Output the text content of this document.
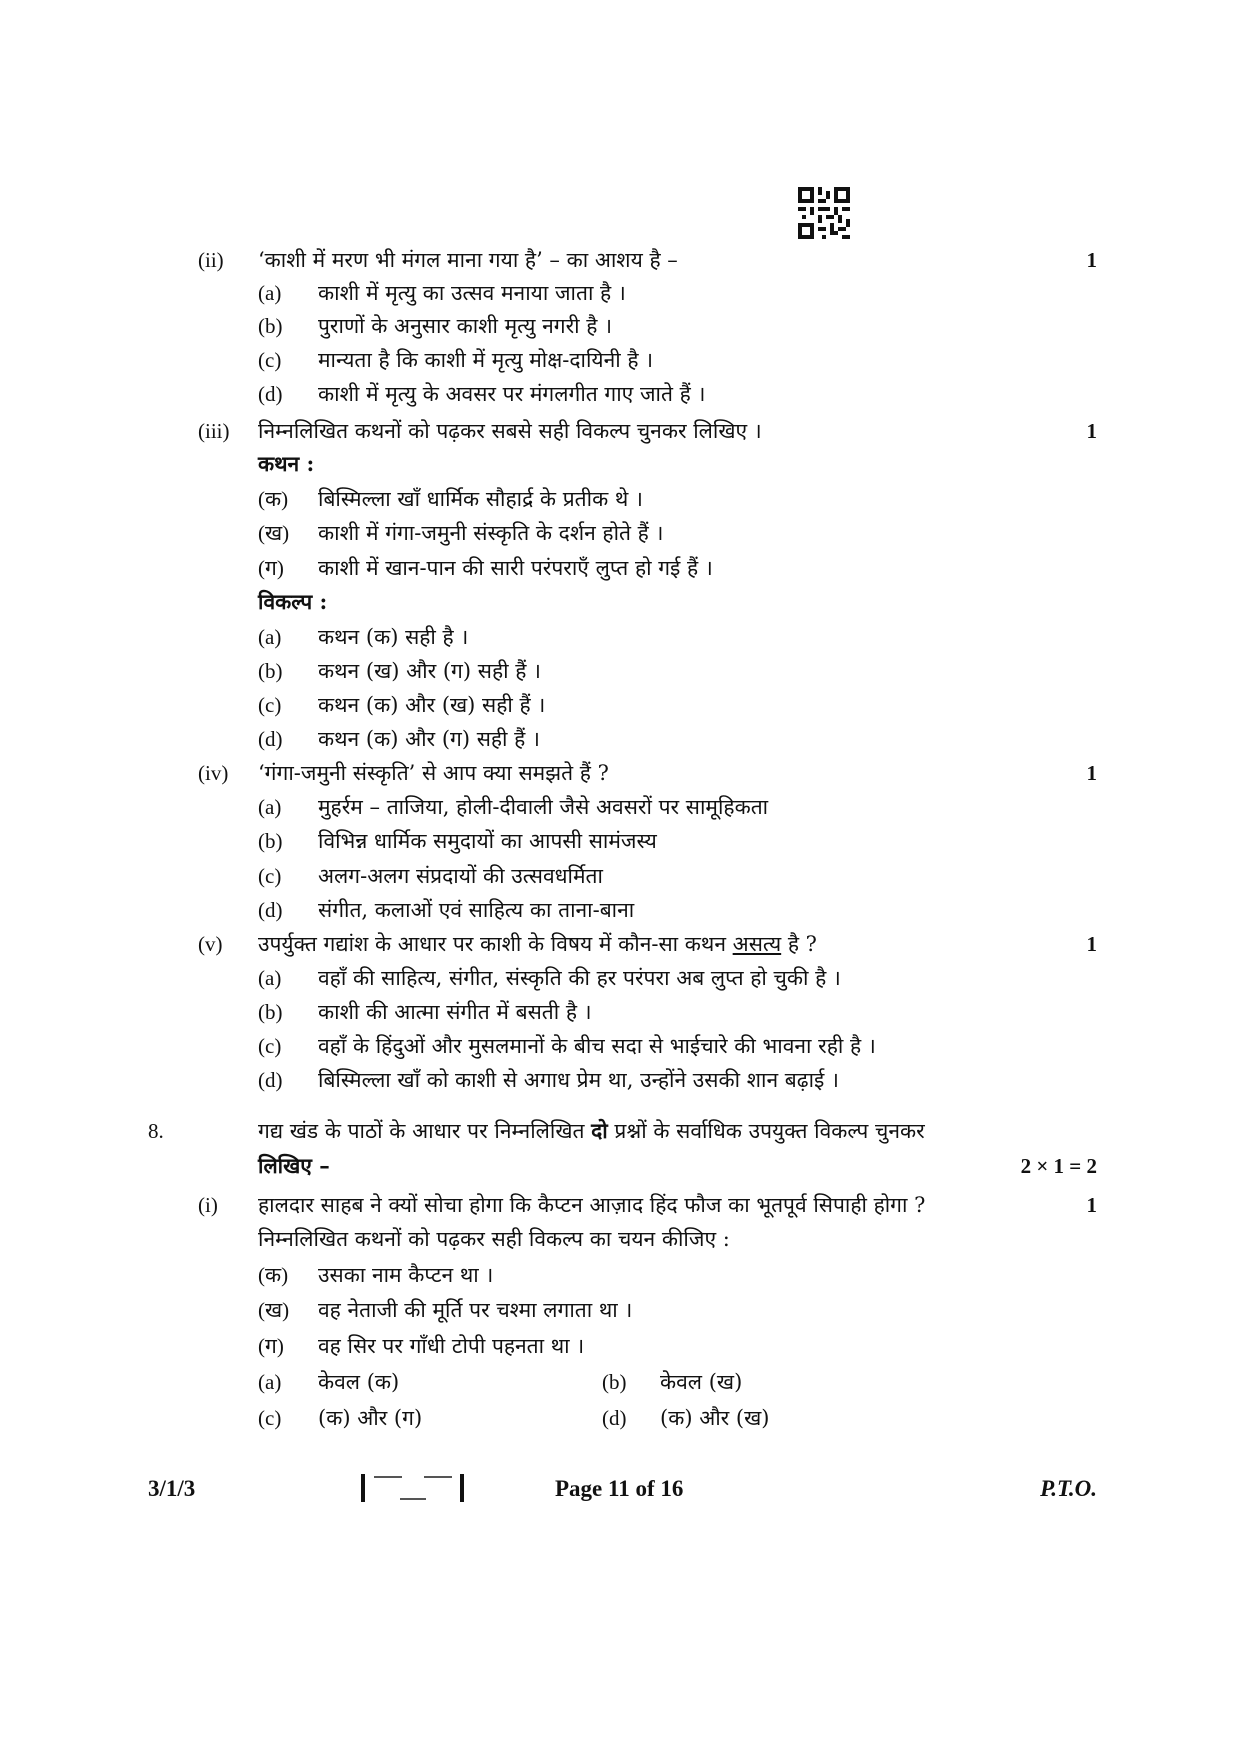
(ii) ‘काशी में मरण भी मंगल माना गया है’ – का आशय है –	1
(a) काशी में मृत्यु का उत्सव मनाया जाता है ।
(b) पुराणों के अनुसार काशी मृत्यु नगरी है ।
(c) मान्यता है कि काशी में मृत्यु मोक्ष-दायिनी है ।
(d) काशी में मृत्यु के अवसर पर मंगलगीत गाए जाते हैं ।
(iii) निम्नलिखित कथनों को पढ़कर सबसे सही विकल्प चुनकर लिखिए ।	1
कथन :
(क) बिस्मिल्ला खाँ धार्मिक सौहार्द्र के प्रतीक थे ।
(ख) काशी में गंगा-जमुनी संस्कृति के दर्शन होते हैं ।
(ग) काशी में खान-पान की सारी परंपराएँ लुप्त हो गई हैं ।
विकल्प :
(a) कथन (क) सही है ।
(b) कथन (ख) और (ग) सही हैं ।
(c) कथन (क) और (ख) सही हैं ।
(d) कथन (क) और (ग) सही हैं ।
(iv) ‘गंगा-जमुनी संस्कृति’ से आप क्या समझते हैं ?	1
(a) मुहर्रम – ताजिया, होली-दीवाली जैसे अवसरों पर सामूहिकता
(b) विभिन्न धार्मिक समुदायों का आपसी सामंजस्य
(c) अलग-अलग संप्रदायों की उत्सवधर्मिता
(d) संगीत, कलाओं एवं साहित्य का ताना-बाना
(v) उपर्युक्त गद्यांश के आधार पर काशी के विषय में कौन-सा कथन असत्य है ?	1
(a) वहाँ की साहित्य, संगीत, संस्कृति की हर परंपरा अब लुप्त हो चुकी है ।
(b) काशी की आत्मा संगीत में बसती है ।
(c) वहाँ के हिंदुओं और मुसलमानों के बीच सदा से भाईचारे की भावना रही है ।
(d) बिस्मिल्ला खाँ को काशी से अगाध प्रेम था, उन्होंने उसकी शान बढ़ाई ।
8.	गद्य खंड के पाठों के आधार पर निम्नलिखित दो प्रश्नों के सर्वाधिक उपयुक्त विकल्प चुनकर
लिखिए –	2 × 1 = 2
(i) हालदार साहब ने क्यों सोचा होगा कि कैप्टन आज़ाद हिंद फौज का भूतपूर्व सिपाही होगा ?	1
निम्नलिखित कथनों को पढ़कर सही विकल्प का चयन कीजिए :
(क) उसका नाम कैप्टन था ।
(ख) वह नेताजी की मूर्ति पर चश्मा लगाता था ।
(ग) वह सिर पर गाँधी टोपी पहनता था ।
(a) केवल (क)	(b) केवल (ख)
(c) (क) और (ग)	(d) (क) और (ख)
3/1/3	Page 11 of 16	P.T.O.
